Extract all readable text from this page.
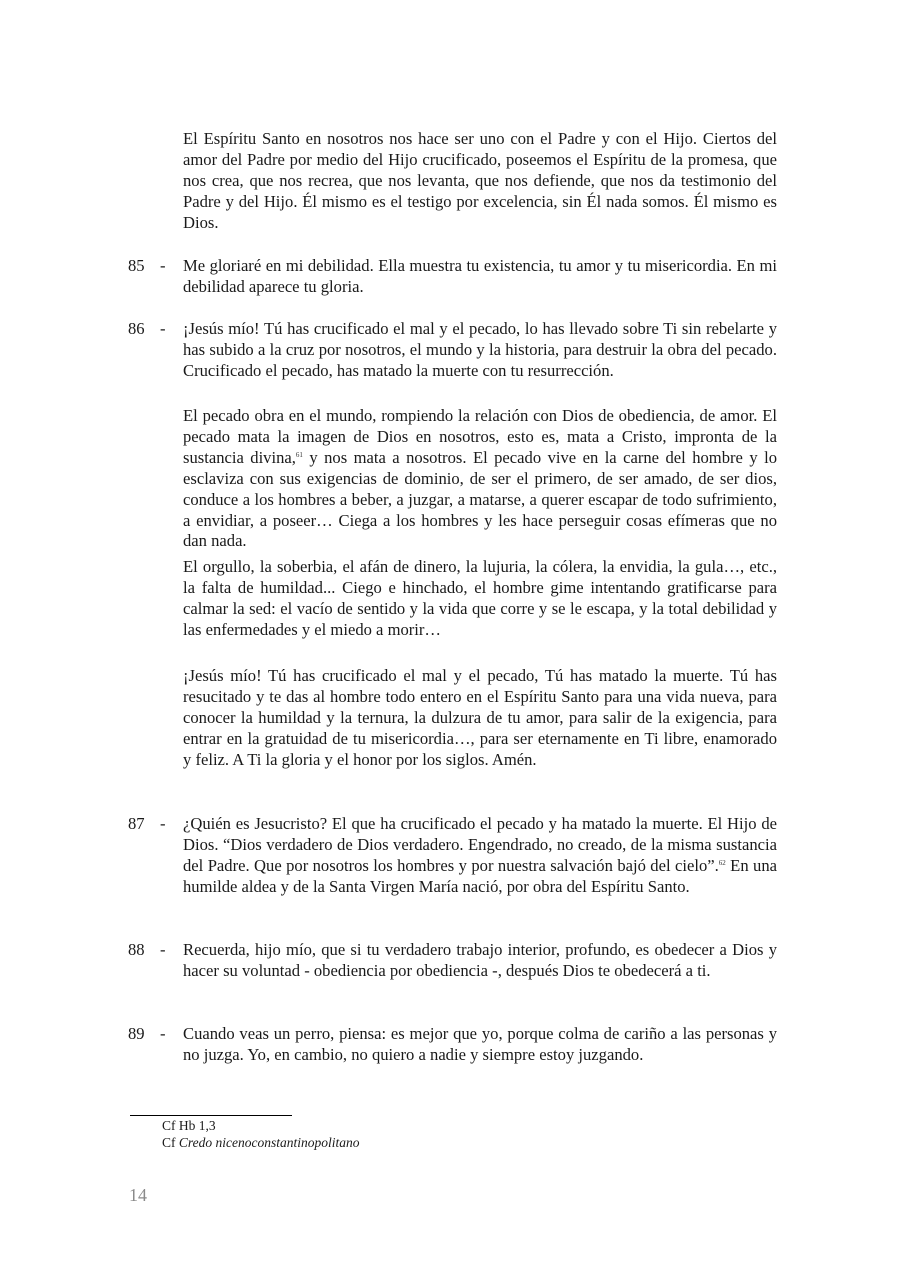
El Espíritu Santo en nosotros nos hace ser uno con el Padre y con el Hijo. Ciertos del amor del Padre por medio del Hijo crucificado, poseemos el Espíritu de la promesa, que nos crea, que nos recrea, que nos levanta, que nos defiende, que nos da testimonio del Padre y del Hijo. Él mismo es el testigo por excelencia, sin Él nada somos. Él mismo es Dios.

85 -	Me gloriaré en mi debilidad. Ella muestra tu existencia, tu amor y tu misericordia. En mi debilidad aparece tu gloria.

86 -	¡Jesús mío! Tú has crucificado el mal y el pecado, lo has llevado sobre Ti sin rebelarte y has subido a la cruz por nosotros, el mundo y la historia, para destruir la obra del pecado. Crucificado el pecado, has matado la muerte con tu resurrección.

El pecado obra en el mundo, rompiendo la relación con Dios de obediencia, de amor. El pecado mata la imagen de Dios en nosotros, esto es, mata a Cristo, impronta de la sustancia divina,$^{61}$ y nos mata a nosotros. El pecado vive en la carne del hombre y lo esclaviza con sus exigencias de dominio, de ser el primero, de ser amado, de ser dios, conduce a los hombres a beber, a juzgar, a matarse, a querer escapar de todo sufrimiento, a envidiar, a poseer… Ciega a los hombres y les hace perseguir cosas efímeras que no dan nada.

El orgullo, la soberbia, el afán de dinero, la lujuria, la cólera, la envidia, la gula…, etc., la falta de humildad... Ciego e hinchado, el hombre gime intentando gratificarse para calmar la sed: el vacío de sentido y la vida que corre y se le escapa, y la total debilidad y las enfermedades y el miedo a morir…

¡Jesús mío! Tú has crucificado el mal y el pecado, Tú has matado la muerte. Tú has resucitado y te das al hombre todo entero en el Espíritu Santo para una vida nueva, para conocer la humildad y la ternura, la dulzura de tu amor, para salir de la exigencia, para entrar en la gratuidad de tu misericordia…, para ser eternamente en Ti libre, enamorado y feliz. A Ti la gloria y el honor por los siglos. Amén.

87 -	¿Quién es Jesucristo? El que ha crucificado el pecado y ha matado la muerte. El Hijo de Dios. “Dios verdadero de Dios verdadero. Engendrado, no creado, de la misma sustancia del Padre. Que por nosotros los hombres y por nuestra salvación bajó del cielo”.$^{62}$ En una humilde aldea y de la Santa Virgen María nació, por obra del Espíritu Santo.

88 -	Recuerda, hijo mío, que si tu verdadero trabajo interior, profundo, es obedecer a Dios y hacer su voluntad - obediencia por obediencia -, después Dios te obedecerá a ti.

89 -	Cuando veas un perro, piensa: es mejor que yo, porque colma de cariño a las personas y no juzga. Yo, en cambio, no quiero a nadie y siempre estoy juzgando.

Cf Hb 1,3

Cf Credo nicenoconstantinopolitano

14
